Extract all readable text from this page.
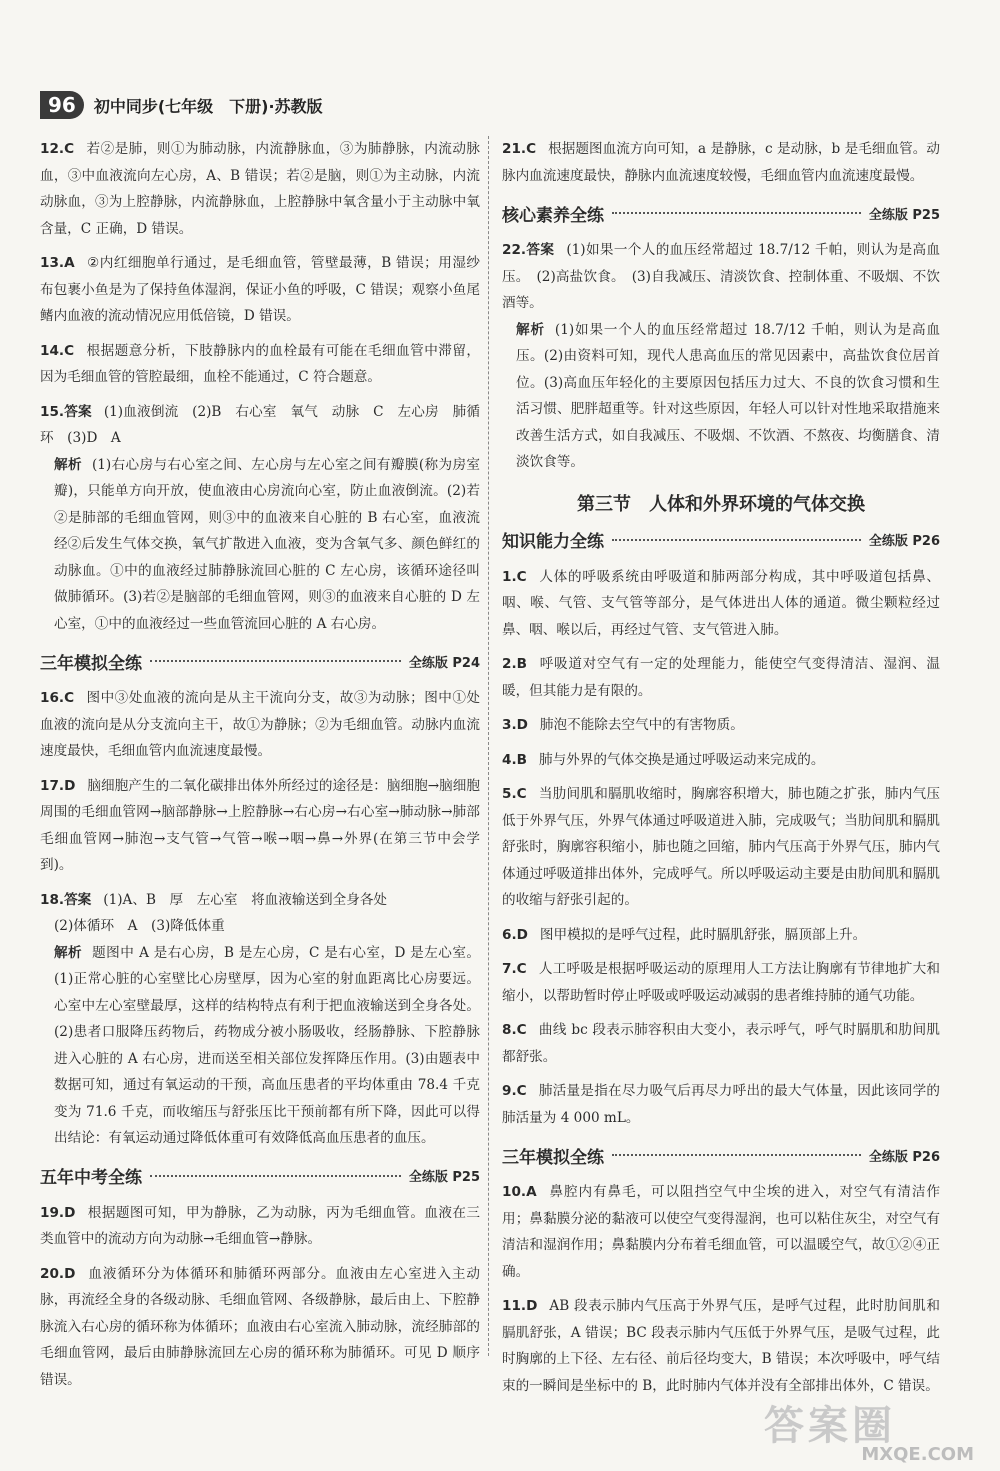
96	初中同步(七年级　下册)·苏教版
12.C 若②是肺，则①为肺动脉，内流静脉血，③为肺静脉，内流动脉血，③中血液流向左心房，A、B 错误；若②是脑，则①为主动脉，内流动脉血，③为上腔静脉，内流静脉血，上腔静脉中氧含量小于主动脉中氧含量，C 正确，D 错误。
13.A ②内红细胞单行通过，是毛细血管，管壁最薄，B 错误；用湿纱布包裹小鱼是为了保持鱼体湿润，保证小鱼的呼吸，C 错误；观察小鱼尾鳍内血液的流动情况应用低倍镜，D 错误。
14.C 根据题意分析，下肢静脉内的血栓最有可能在毛细血管中滞留，因为毛细血管的管腔最细，血栓不能通过，C 符合题意。
15.答案 (1)血液倒流　(2)B　右心室　氧气　动脉　C　左心房　肺循环　(3)D　A
解析 (1)右心房与右心室之间、左心房与左心室之间有瓣膜(称为房室瓣)，只能单方向开放，使血液由心房流向心室，防止血液倒流。(2)若②是肺部的毛细血管网，则③中的血液来自心脏的 B 右心室，血液流经②后发生气体交换，氧气扩散进入血液，变为含氧气多、颜色鲜红的动脉血。①中的血液经过肺静脉流回心脏的 C 左心房，该循环途径叫做肺循环。(3)若②是脑部的毛细血管网，则③的血液来自心脏的 D 左心室，①中的血液经过一些血管流回心脏的 A 右心房。
三年模拟全练	全练版 P24
16.C 图中③处血液的流向是从主干流向分支，故③为动脉；图中①处血液的流向是从分支流向主干，故①为静脉；②为毛细血管。动脉内血流速度最快，毛细血管内血流速度最慢。
17.D 脑细胞产生的二氧化碳排出体外所经过的途径是：脑细胞→脑细胞周围的毛细血管网→脑部静脉→上腔静脉→右心房→右心室→肺动脉→肺部毛细血管网→肺泡→支气管→气管→喉→咽→鼻→外界(在第三节中会学到)。
18.答案 (1)A、B　厚　左心室　将血液输送到全身各处
(2)体循环　A　(3)降低体重
解析 题图中 A 是右心房，B 是左心房，C 是右心室，D 是左心室。(1)正常心脏的心室壁比心房壁厚，因为心室的射血距离比心房要远。心室中左心室壁最厚，这样的结构特点有利于把血液输送到全身各处。(2)患者口服降压药物后，药物成分被小肠吸收，经肠静脉、下腔静脉进入心脏的 A 右心房，进而送至相关部位发挥降压作用。(3)由题表中数据可知，通过有氧运动的干预，高血压患者的平均体重由 78.4 千克变为 71.6 千克，而收缩压与舒张压比干预前都有所下降，因此可以得出结论：有氧运动通过降低体重可有效降低高血压患者的血压。
五年中考全练	全练版 P25
19.D 根据题图可知，甲为静脉，乙为动脉，丙为毛细血管。血液在三类血管中的流动方向为动脉→毛细血管→静脉。
20.D 血液循环分为体循环和肺循环两部分。血液由左心室进入主动脉，再流经全身的各级动脉、毛细血管网、各级静脉，最后由上、下腔静脉流入右心房的循环称为体循环；血液由右心室流入肺动脉，流经肺部的毛细血管网，最后由肺静脉流回左心房的循环称为肺循环。可见 D 顺序错误。
21.C 根据题图血流方向可知，a 是静脉，c 是动脉，b 是毛细血管。动脉内血流速度最快，静脉内血流速度较慢，毛细血管内血流速度最慢。
核心素养全练	全练版 P25
22.答案 (1)如果一个人的血压经常超过 18.7/12 千帕，则认为是高血压。　(2)高盐饮食。　(3)自我减压、清淡饮食、控制体重、不吸烟、不饮酒等。
解析 (1)如果一个人的血压经常超过 18.7/12 千帕，则认为是高血压。(2)由资料可知，现代人患高血压的常见因素中，高盐饮食位居首位。(3)高血压年轻化的主要原因包括压力过大、不良的饮食习惯和生活习惯、肥胖超重等。针对这些原因，年轻人可以针对性地采取措施来改善生活方式，如自我减压、不吸烟、不饮酒、不熬夜、均衡膳食、清淡饮食等。
第三节　人体和外界环境的气体交换
知识能力全练	全练版 P26
1.C 人体的呼吸系统由呼吸道和肺两部分构成，其中呼吸道包括鼻、咽、喉、气管、支气管等部分，是气体进出人体的通道。微尘颗粒经过鼻、咽、喉以后，再经过气管、支气管进入肺。
2.B 呼吸道对空气有一定的处理能力，能使空气变得清洁、湿润、温暖，但其能力是有限的。
3.D 肺泡不能除去空气中的有害物质。
4.B 肺与外界的气体交换是通过呼吸运动来完成的。
5.C 当肋间肌和膈肌收缩时，胸廓容积增大，肺也随之扩张，肺内气压低于外界气压，外界气体通过呼吸道进入肺，完成吸气；当肋间肌和膈肌舒张时，胸廓容积缩小，肺也随之回缩，肺内气压高于外界气压，肺内气体通过呼吸道排出体外，完成呼气。所以呼吸运动主要是由肋间肌和膈肌的收缩与舒张引起的。
6.D 图甲模拟的是呼气过程，此时膈肌舒张，膈顶部上升。
7.C 人工呼吸是根据呼吸运动的原理用人工方法让胸廓有节律地扩大和缩小，以帮助暂时停止呼吸或呼吸运动减弱的患者维持肺的通气功能。
8.C 曲线 bc 段表示肺容积由大变小，表示呼气，呼气时膈肌和肋间肌都舒张。
9.C 肺活量是指在尽力吸气后再尽力呼出的最大气体量，因此该同学的肺活量为 4 000 mL。
三年模拟全练	全练版 P26
10.A 鼻腔内有鼻毛，可以阻挡空气中尘埃的进入，对空气有清洁作用；鼻黏膜分泌的黏液可以使空气变得湿润，也可以粘住灰尘，对空气有清洁和湿润作用；鼻黏膜内分布着毛细血管，可以温暖空气，故①②④正确。
11.D AB 段表示肺内气压高于外界气压，是呼气过程，此时肋间肌和膈肌舒张，A 错误；BC 段表示肺内气压低于外界气压，是吸气过程，此时胸廓的上下径、左右径、前后径均变大，B 错误；本次呼吸中，呼气结束的一瞬间是坐标中的 B，此时肺内气体并没有全部排出体外，C 错误。
答案圈
MXQE.COM
